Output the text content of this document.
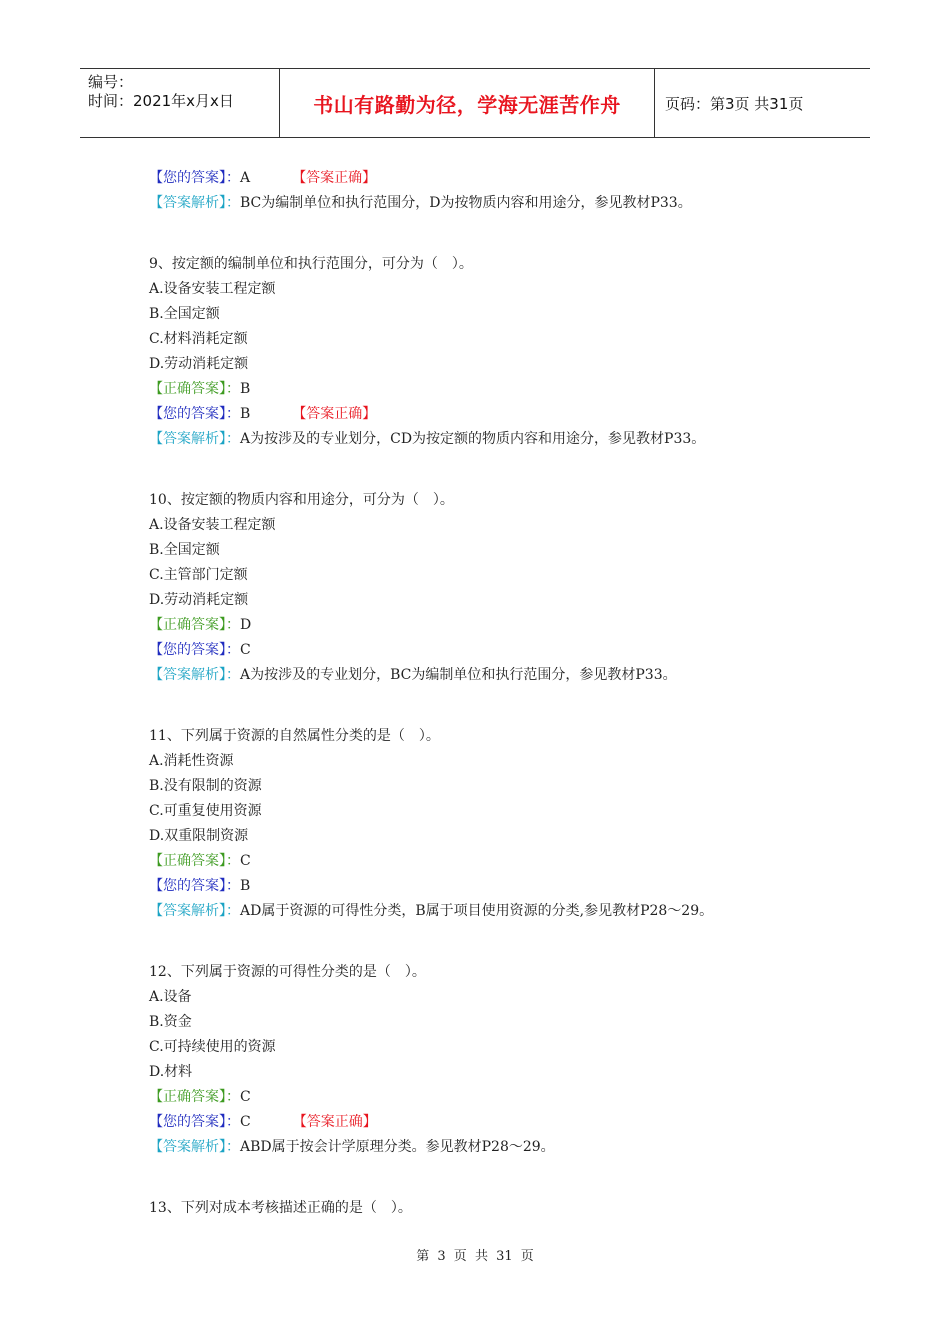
编号：
时间：2021年x月x日	书山有路勤为径，学海无涯苦作舟	页码：第3页 共31页
【您的答案】：A	【答案正确】
【答案解析】：BC为编制单位和执行范围分，D为按物质内容和用途分，参见教材P33。
9、按定额的编制单位和执行范围分，可分为（　）。
A.设备安装工程定额
B.全国定额
C.材料消耗定额
D.劳动消耗定额
【正确答案】：B
【您的答案】：B	【答案正确】
【答案解析】：A为按涉及的专业划分，CD为按定额的物质内容和用途分，参见教材P33。
10、按定额的物质内容和用途分，可分为（　）。
A.设备安装工程定额
B.全国定额
C.主管部门定额
D.劳动消耗定额
【正确答案】：D
【您的答案】：C
【答案解析】：A为按涉及的专业划分，BC为编制单位和执行范围分，参见教材P33。
11、下列属于资源的自然属性分类的是（　）。
A.消耗性资源
B.没有限制的资源
C.可重复使用资源
D.双重限制资源
【正确答案】：C
【您的答案】：B
【答案解析】：AD属于资源的可得性分类，B属于项目使用资源的分类,参见教材P28～29。
12、下列属于资源的可得性分类的是（　）。
A.设备
B.资金
C.可持续使用的资源
D.材料
【正确答案】：C
【您的答案】：C	【答案正确】
【答案解析】：ABD属于按会计学原理分类。参见教材P28～29。
13、下列对成本考核描述正确的是（　）。
第 3 页 共 31 页
